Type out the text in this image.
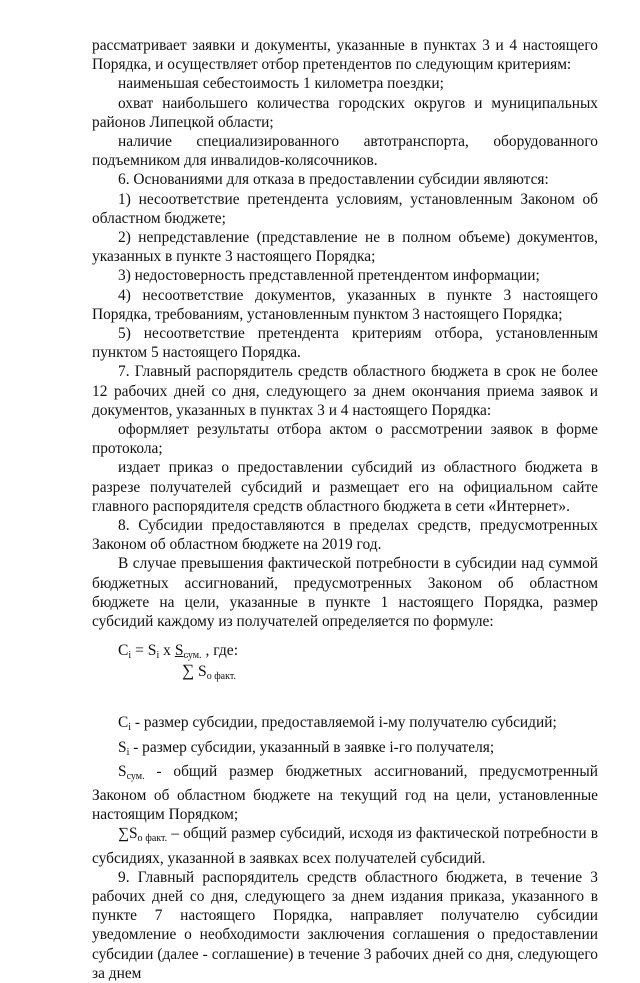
рассматривает заявки и документы, указанные в пунктах 3 и 4 настоящего Порядка, и осуществляет отбор претендентов по следующим критериям:

наименьшая себестоимость 1 километра поездки;

охват наибольшего количества городских округов и муниципальных районов Липецкой области;

наличие специализированного автотранспорта, оборудованного подъемником для инвалидов-колясочников.

6. Основаниями для отказа в предоставлении субсидии являются:

1) несоответствие претендента условиям, установленным Законом об областном бюджете;

2) непредставление (представление не в полном объеме) документов, указанных в пункте 3 настоящего Порядка;

3) недостоверность представленной претендентом информации;

4) несоответствие документов, указанных в пункте 3 настоящего Порядка, требованиям, установленным пунктом 3 настоящего Порядка;

5) несоответствие претендента критериям отбора, установленным пунктом 5 настоящего Порядка.

7. Главный распорядитель средств областного бюджета в срок не более 12 рабочих дней со дня, следующего за днем окончания приема заявок и документов, указанных в пунктах 3 и 4 настоящего Порядка:

оформляет результаты отбора актом о рассмотрении заявок в форме протокола;

издает приказ о предоставлении субсидий из областного бюджета в разрезе получателей субсидий и размещает его на официальном сайте главного распорядителя средств областного бюджета в сети «Интернет».

8. Субсидии предоставляются в пределах средств, предусмотренных Законом об областном бюджете на 2019 год.

В случае превышения фактической потребности в субсидии над суммой бюджетных ассигнований, предусмотренных Законом об областном бюджете на цели, указанные в пункте 1 настоящего Порядка, размер субсидий каждому из получателей определяется по формуле:

$C_i = S_i$ x $S_{сум.}$ , где:
∑ $S_{о факт.}$

$C_i$ - размер субсидии, предоставляемой i-му получателю субсидий;

$S_i$ - размер субсидии, указанный в заявке i-го получателя;

$S_{сум.}$ - общий размер бюджетных ассигнований, предусмотренный Законом об областном бюджете на текущий год на цели, установленные настоящим Порядком;

$\sum S_{о факт.}$ – общий размер субсидий, исходя из фактической потребности в субсидиях, указанной в заявках всех получателей субсидий.

9. Главный распорядитель средств областного бюджета, в течение 3 рабочих дней со дня, следующего за днем издания приказа, указанного в пункте 7 настоящего Порядка, направляет получателю субсидии уведомление о необходимости заключения соглашения о предоставлении субсидии (далее - соглашение) в течение 3 рабочих дней со дня, следующего за днем
